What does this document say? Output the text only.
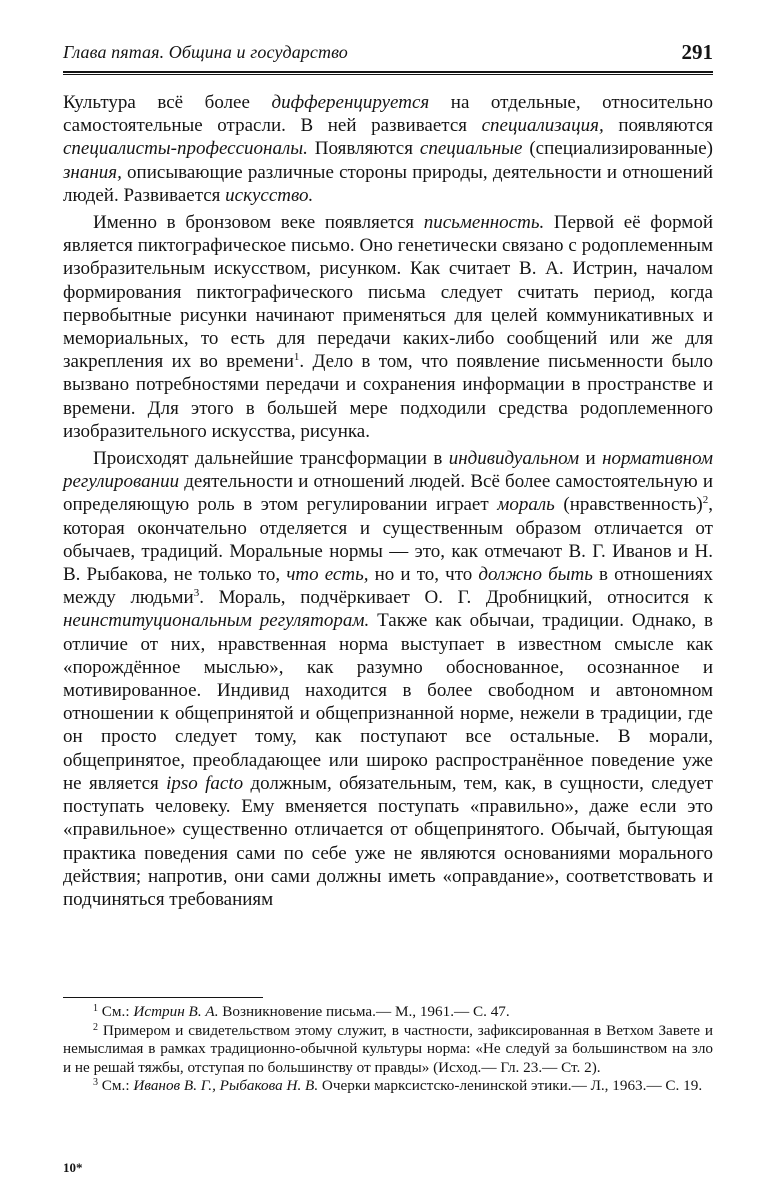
Глава пятая. Община и государство	291

Культура всё более дифференцируется на отдельные, относительно самостоятельные отрасли. В ней развивается специализация, появляются специалисты-профессионалы. Появляются специальные (специализированные) знания, описывающие различные стороны природы, деятельности и отношений людей. Развивается искусство.

Именно в бронзовом веке появляется письменность. Первой её формой является пиктографическое письмо. Оно генетически связано с родоплеменным изобразительным искусством, рисунком. Как считает В. А. Истрин, началом формирования пиктографического письма следует считать период, когда первобытные рисунки начинают применяться для целей коммуникативных и мемориальных, то есть для передачи каких-либо сообщений или же для закрепления их во времени$^1$. Дело в том, что появление письменности было вызвано потребностями передачи и сохранения информации в пространстве и времени. Для этого в большей мере подходили средства родоплеменного изобразительного искусства, рисунка.

Происходят дальнейшие трансформации в индивидуальном и нормативном регулировании деятельности и отношений людей. Всё более самостоятельную и определяющую роль в этом регулировании играет мораль (нравственность)$^2$, которая окончательно отделяется и существенным образом отличается от обычаев, традиций. Моральные нормы — это, как отмечают В. Г. Иванов и Н. В. Рыбакова, не только то, что есть, но и то, что должно быть в отношениях между людьми$^3$. Мораль, подчёркивает О. Г. Дробницкий, относится к неинституциональным регуляторам. Также как обычаи, традиции. Однако, в отличие от них, нравственная норма выступает в известном смысле как «порождённое мыслью», как разумно обоснованное, осознанное и мотивированное. Индивид находится в более свободном и автономном отношении к общепринятой и общепризнанной норме, нежели в традиции, где он просто следует тому, как поступают все остальные. В морали, общепринятое, преобладающее или широко распространённое поведение уже не является ipso facto должным, обязательным, тем, как, в сущности, следует поступать человеку. Ему вменяется поступать «правильно», даже если это «правильное» существенно отличается от общепринятого. Обычай, бытующая практика поведения сами по себе уже не являются основаниями морального действия; напротив, они сами должны иметь «оправдание», соответствовать и подчиняться требованиям

$^1$ См.: Истрин В. А. Возникновение письма.— М., 1961.— С. 47.

$^2$ Примером и свидетельством этому служит, в частности, зафиксированная в Ветхом Завете и немыслимая в рамках традиционно-обычной культуры норма: «Не следуй за большинством на зло и не решай тяжбы, отступая по большинству от правды» (Исход.— Гл. 23.— Ст. 2).

$^3$ См.: Иванов В. Г., Рыбакова Н. В. Очерки марксистско-ленинской этики.— Л., 1963.— С. 19.

10*
